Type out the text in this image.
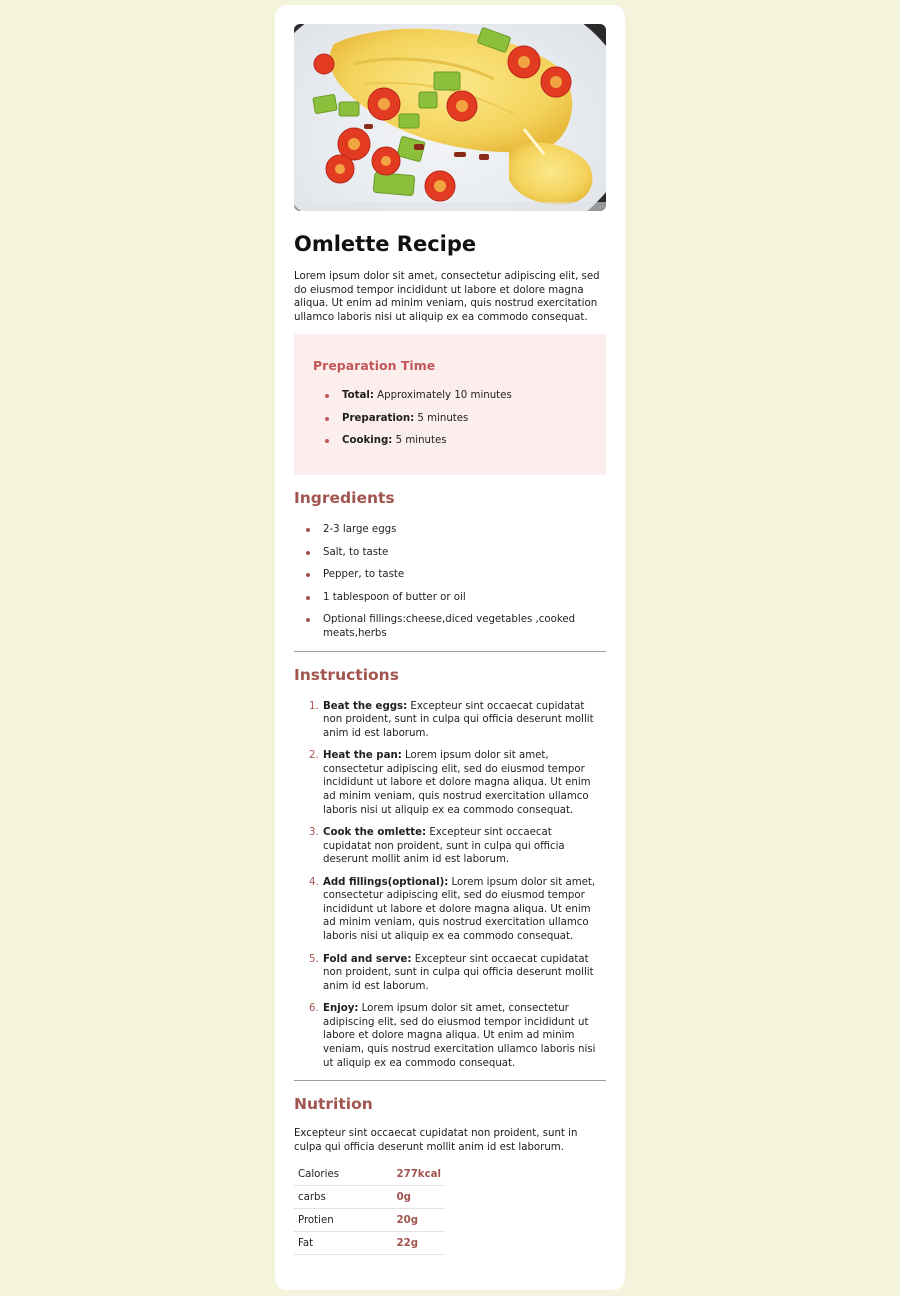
Omlette Recipe

Lorem ipsum dolor sit amet, consectetur adipiscing elit, sed do eiusmod tempor incididunt ut labore et dolore magna aliqua. Ut enim ad minim veniam, quis nostrud exercitation ullamco laboris nisi ut aliquip ex ea commodo consequat.

Preparation Time
Total: Approximately 10 minutes
Preparation: 5 minutes
Cooking: 5 minutes
Ingredients
2-3 large eggs
Salt, to taste
Pepper, to taste
1 tablespoon of butter or oil
Optional fillings:cheese,diced vegetables ,cooked meats,herbs
Instructions
1. Beat the eggs: Excepteur sint occaecat cupidatat non proident, sunt in culpa qui officia deserunt mollit anim id est laborum.
2. Heat the pan: Lorem ipsum dolor sit amet, consectetur adipiscing elit, sed do eiusmod tempor incididunt ut labore et dolore magna aliqua. Ut enim ad minim veniam, quis nostrud exercitation ullamco laboris nisi ut aliquip ex ea commodo consequat.
3. Cook the omlette: Excepteur sint occaecat cupidatat non proident, sunt in culpa qui officia deserunt mollit anim id est laborum.
4. Add fillings(optional): Lorem ipsum dolor sit amet, consectetur adipiscing elit, sed do eiusmod tempor incididunt ut labore et dolore magna aliqua. Ut enim ad minim veniam, quis nostrud exercitation ullamco laboris nisi ut aliquip ex ea commodo consequat.
5. Fold and serve: Excepteur sint occaecat cupidatat non proident, sunt in culpa qui officia deserunt mollit anim id est laborum.
6. Enjoy: Lorem ipsum dolor sit amet, consectetur adipiscing elit, sed do eiusmod tempor incididunt ut labore et dolore magna aliqua. Ut enim ad minim veniam, quis nostrud exercitation ullamco laboris nisi ut aliquip ex ea commodo consequat.
Nutrition

Excepteur sint occaecat cupidatat non proident, sunt in culpa qui officia deserunt mollit anim id est laborum.

Calories	277kcal
carbs	0g
Protien	20g
Fat	22g
